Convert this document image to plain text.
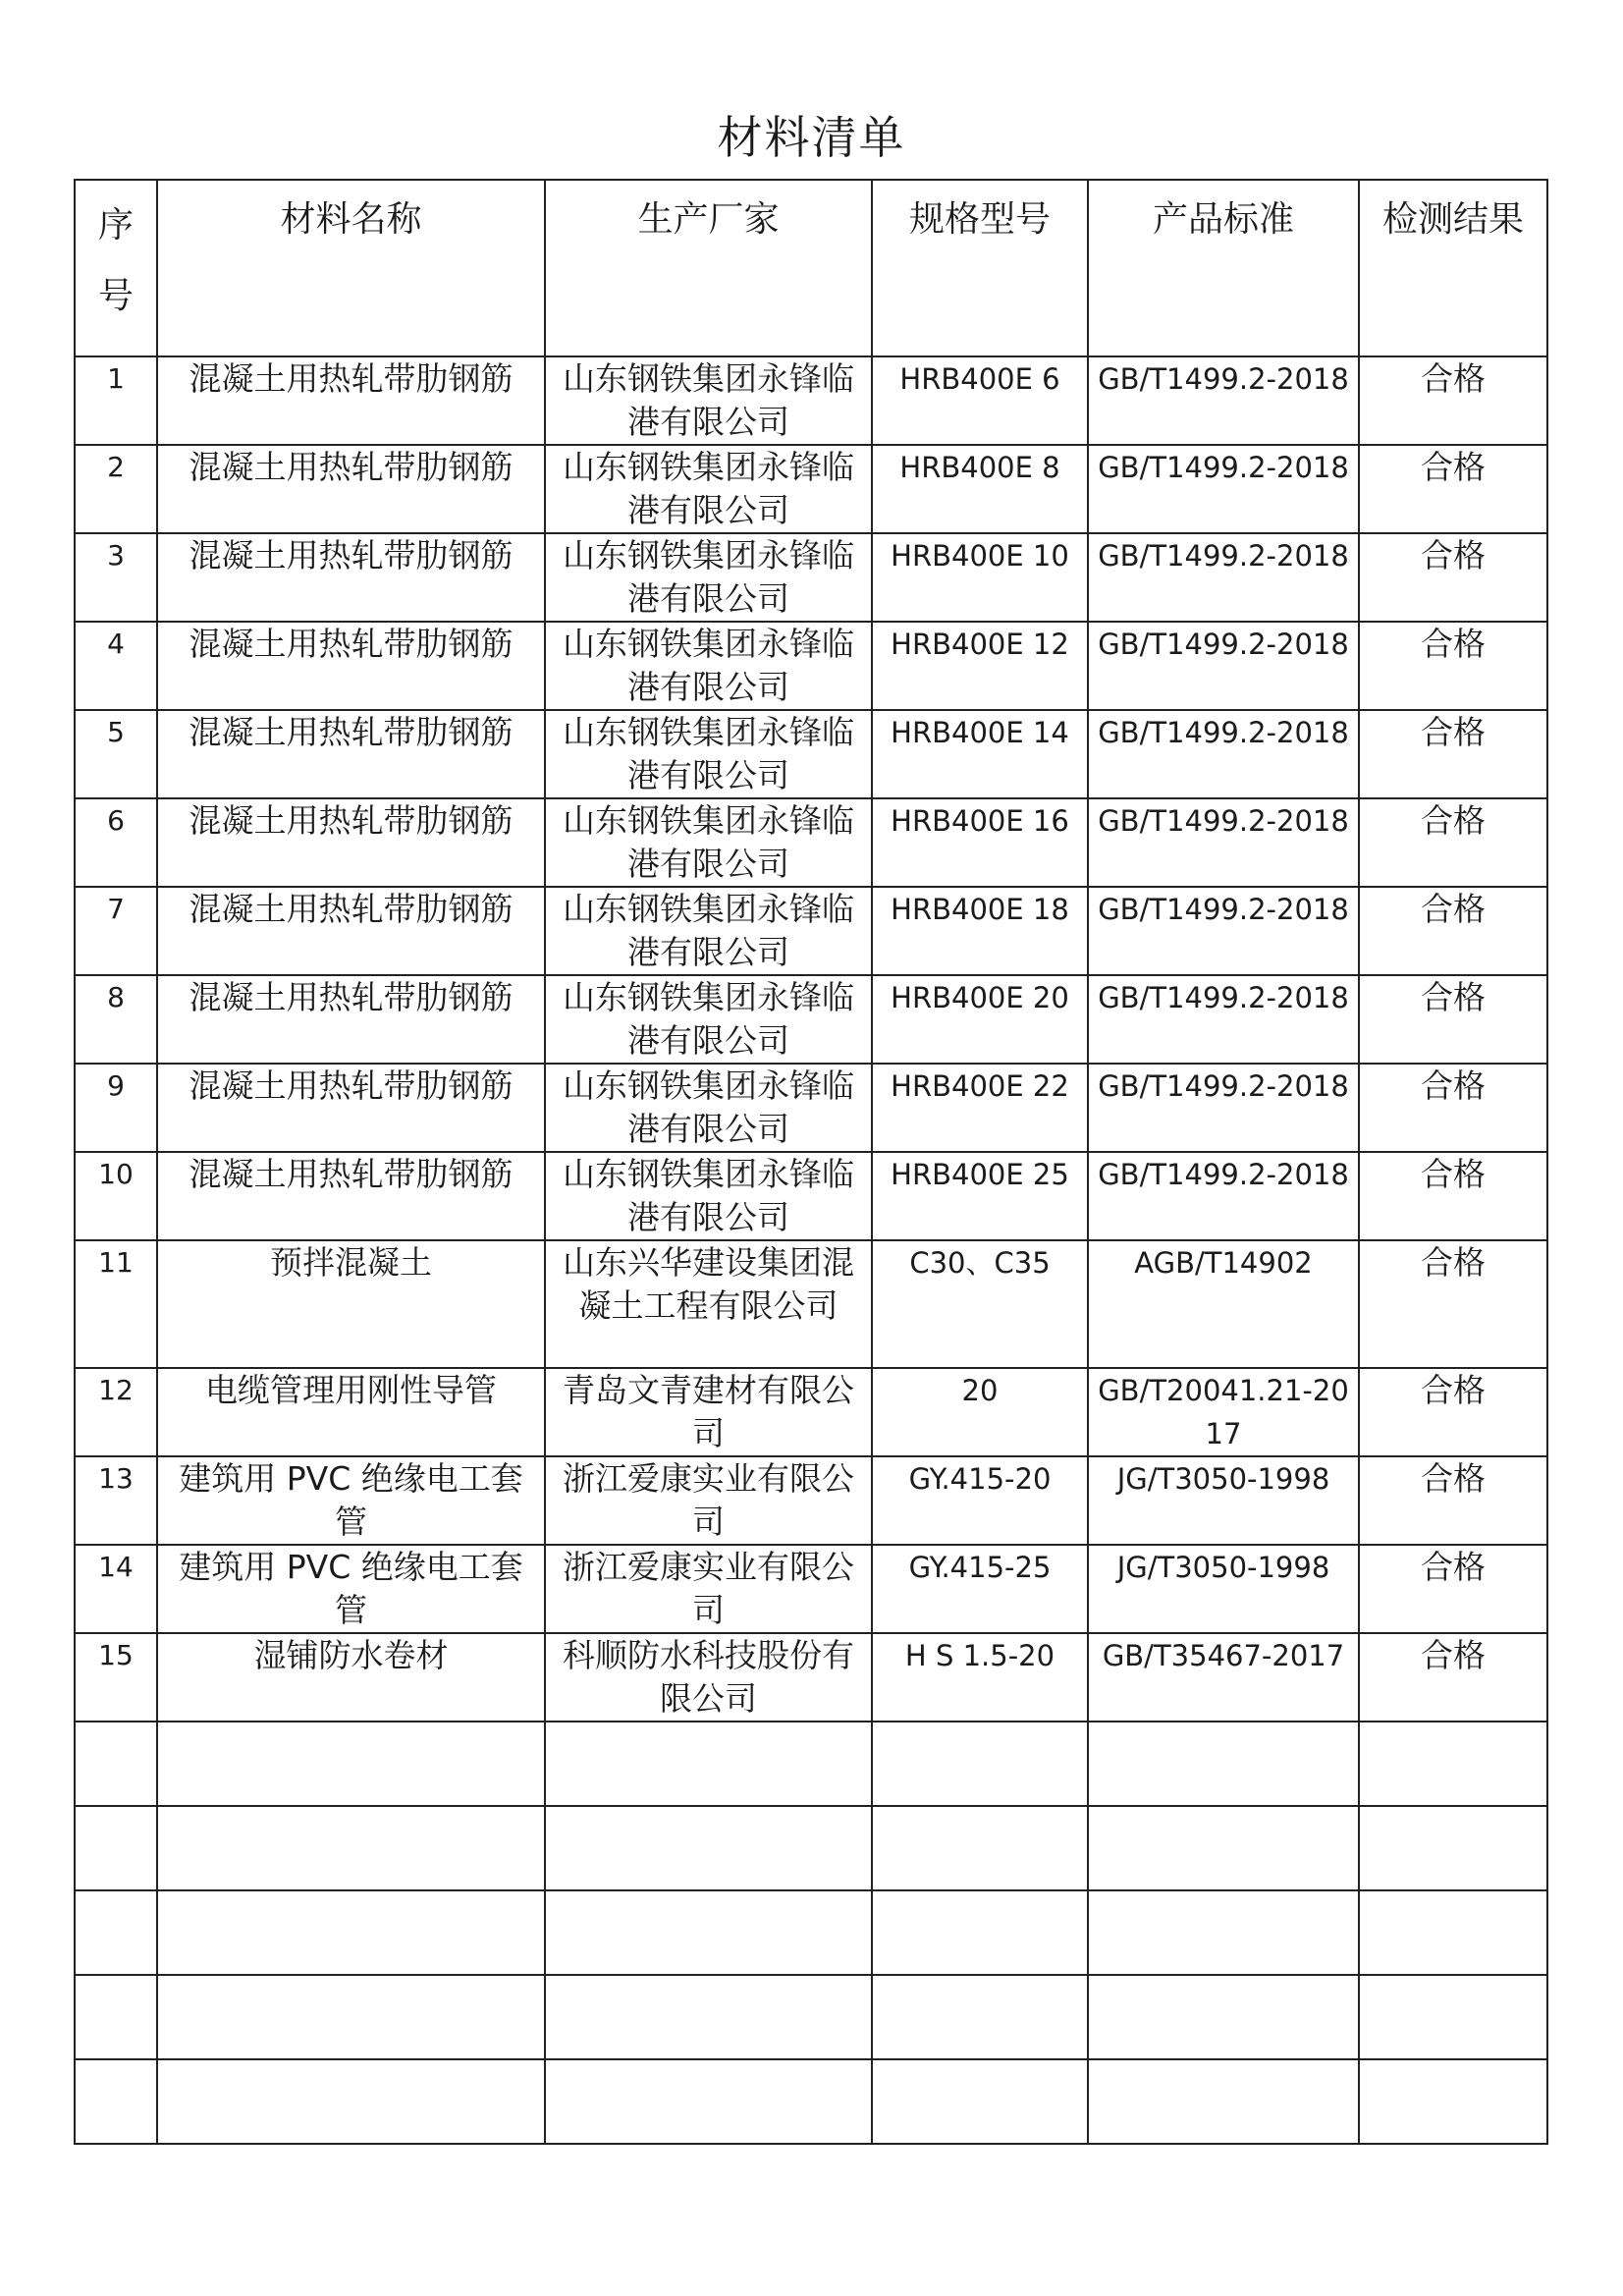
材料清单
序号	材料名称	生产厂家	规格型号	产品标准	检测结果
1	混凝土用热轧带肋钢筋	山东钢铁集团永锋临港有限公司	HRB400E 6	GB/T1499.2-2018	合格
2	混凝土用热轧带肋钢筋	山东钢铁集团永锋临港有限公司	HRB400E 8	GB/T1499.2-2018	合格
3	混凝土用热轧带肋钢筋	山东钢铁集团永锋临港有限公司	HRB400E 10	GB/T1499.2-2018	合格
4	混凝土用热轧带肋钢筋	山东钢铁集团永锋临港有限公司	HRB400E 12	GB/T1499.2-2018	合格
5	混凝土用热轧带肋钢筋	山东钢铁集团永锋临港有限公司	HRB400E 14	GB/T1499.2-2018	合格
6	混凝土用热轧带肋钢筋	山东钢铁集团永锋临港有限公司	HRB400E 16	GB/T1499.2-2018	合格
7	混凝土用热轧带肋钢筋	山东钢铁集团永锋临港有限公司	HRB400E 18	GB/T1499.2-2018	合格
8	混凝土用热轧带肋钢筋	山东钢铁集团永锋临港有限公司	HRB400E 20	GB/T1499.2-2018	合格
9	混凝土用热轧带肋钢筋	山东钢铁集团永锋临港有限公司	HRB400E 22	GB/T1499.2-2018	合格
10	混凝土用热轧带肋钢筋	山东钢铁集团永锋临港有限公司	HRB400E 25	GB/T1499.2-2018	合格
11	预拌混凝土	山东兴华建设集团混凝土工程有限公司	C30、C35	AGB/T14902	合格
12	电缆管理用刚性导管	青岛文青建材有限公司	20	GB/T20041.21-2017	合格
13	建筑用 PVC 绝缘电工套管	浙江爱康实业有限公司	GY.415-20	JG/T3050-1998	合格
14	建筑用 PVC 绝缘电工套管	浙江爱康实业有限公司	GY.415-25	JG/T3050-1998	合格
15	湿铺防水卷材	科顺防水科技股份有限公司	H S 1.5-20	GB/T35467-2017	合格
